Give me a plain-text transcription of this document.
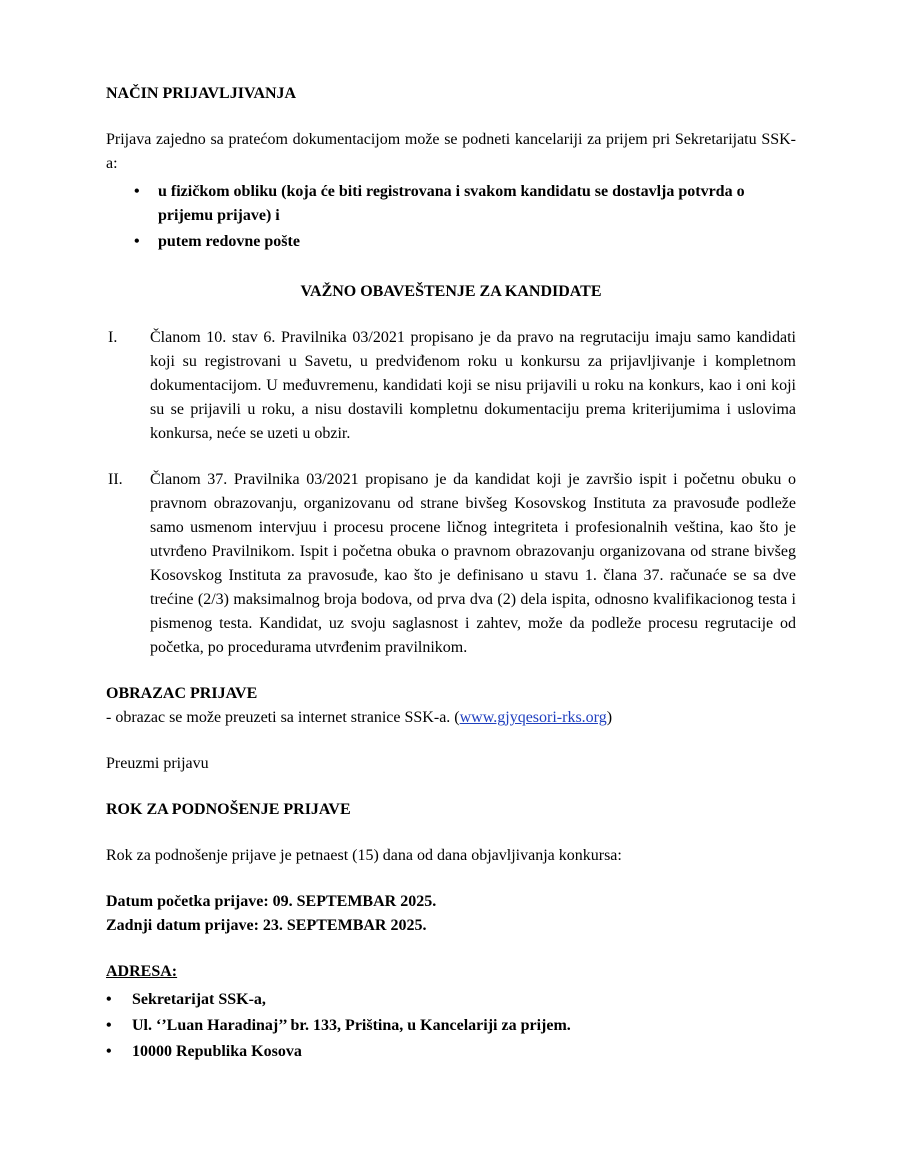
NAČIN PRIJAVLJIVANJA

Prijava zajedno sa pratećom dokumentacijom može se podneti kancelariji za prijem pri Sekretarijatu SSK-a:

• u fizičkom obliku (koja će biti registrovana i svakom kandidatu se dostavlja potvrda o prijemu prijave) i
• putem redovne pošte

VAŽNO OBAVEŠTENJE ZA KANDIDATE

I. Članom 10. stav 6. Pravilnika 03/2021 propisano je da pravo na regrutaciju imaju samo kandidati koji su registrovani u Savetu, u predviđenom roku u konkursu za prijavljivanje i kompletnom dokumentacijom. U međuvremenu, kandidati koji se nisu prijavili u roku na konkurs, kao i oni koji su se prijavili u roku, a nisu dostavili kompletnu dokumentaciju prema kriterijumima i uslovima konkursa, neće se uzeti u obzir.
II. Članom 37. Pravilnika 03/2021 propisano je da kandidat koji je završio ispit i početnu obuku o pravnom obrazovanju, organizovanu od strane bivšeg Kosovskog Instituta za pravosuđe podleže samo usmenom intervjuu i procesu procene ličnog integriteta i profesionalnih veština, kao što je utvrđeno Pravilnikom. Ispit i početna obuka o pravnom obrazovanju organizovana od strane bivšeg Kosovskog Instituta za pravosuđe, kao što je definisano u stavu 1. člana 37. računaće se sa dve trećine (2/3) maksimalnog broja bodova, od prva dva (2) dela ispita, odnosno kvalifikacionog testa i pismenog testa. Kandidat, uz svoju saglasnost i zahtev, može da podleže procesu regrutacije od početka, po procedurama utvrđenim pravilnikom.

OBRAZAC PRIJAVE

- obrazac se može preuzeti sa internet stranice SSK-a. (www.gjyqesori-rks.org)

Preuzmi prijavu

ROK ZA PODNOŠENJE PRIJAVE

Rok za podnošenje prijave je petnaest (15) dana od dana objavljivanja konkursa:

Datum početka prijave: 09. SEPTEMBAR 2025.

Zadnji datum prijave: 23. SEPTEMBAR 2025.

ADRESA:

• Sekretarijat SSK-a,
• Ul. ‘’Luan Haradinaj’’ br. 133, Priština, u Kancelariji za prijem.
• 10000 Republika Kosova
